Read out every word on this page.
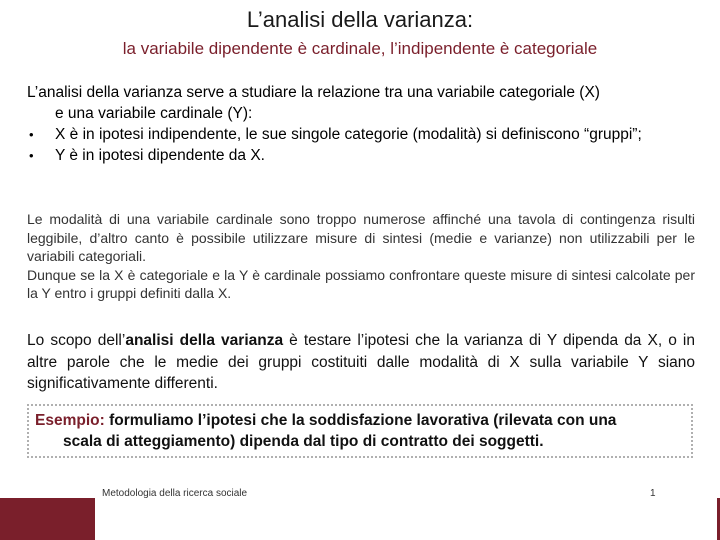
L’analisi della varianza:
la variabile dipendente è cardinale, l’indipendente è categoriale
L’analisi della varianza serve a studiare la relazione tra una variabile categoriale (X)
e una variabile cardinale (Y):
• X è in ipotesi indipendente, le sue singole categorie (modalità) si definiscono “gruppi”;
• Y è in ipotesi dipendente da X.
Le modalità di una variabile cardinale sono troppo numerose affinché una tavola di contingenza risulti leggibile, d’altro canto è possibile utilizzare misure di sintesi (medie e varianze) non utilizzabili per le variabili categoriali.
Dunque se la X è categoriale e la Y è cardinale possiamo confrontare queste misure di sintesi calcolate per la Y entro i gruppi definiti dalla X.
Lo scopo dell’analisi della varianza è testare l’ipotesi che la varianza di Y dipenda da X, o in altre parole che le medie dei gruppi costituiti dalle modalità di X sulla variabile Y siano significativamente differenti.
Esempio: formuliamo l’ipotesi che la soddisfazione lavorativa (rilevata con una
scala di atteggiamento) dipenda dal tipo di contratto dei soggetti.
Metodologia della ricerca sociale	1
